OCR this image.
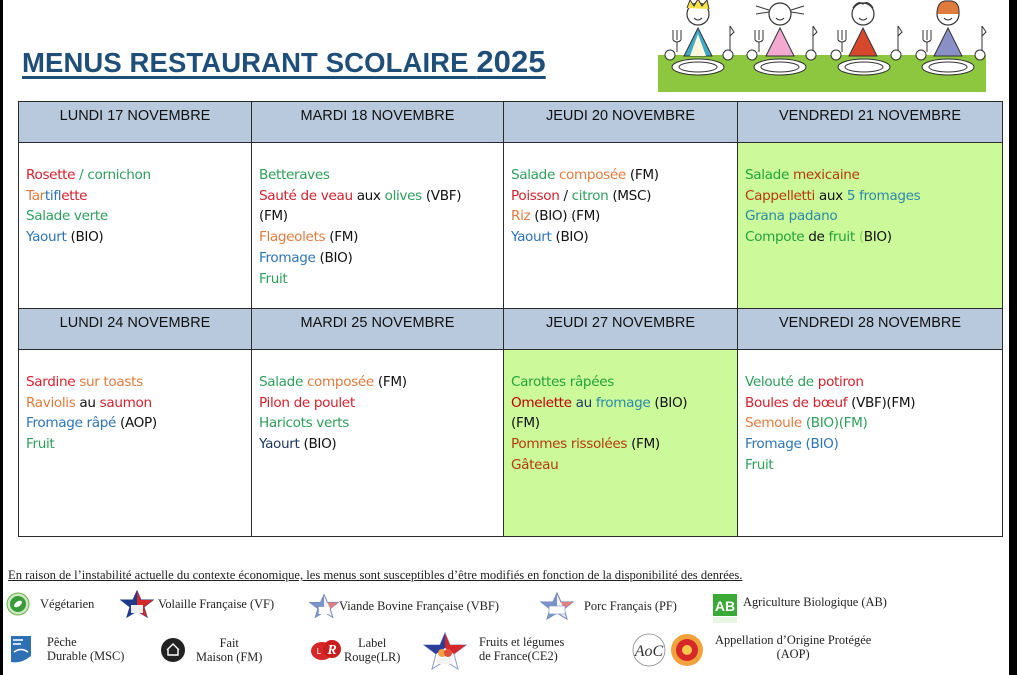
MENUS RESTAURANT SCOLAIRE 2025
LUNDI 17 NOVEMBRE	MARDI 18 NOVEMBRE	JEUDI 20 NOVEMBRE	VENDREDI 21 NOVEMBRE

Rosette / cornichon
Tartiflette
Salade verte
Yaourt (BIO)

Betteraves
Sauté de veau aux olives (VBF)
(FM)
Flageolets (FM)
Fromage (BIO)
Fruit

Salade composée (FM)
Poisson / citron (MSC)
Riz (BIO) (FM)
Yaourt (BIO)

Salade mexicaine
Cappelletti aux 5 fromages
Grana padano
Compote de fruit (BIO)

LUNDI 24 NOVEMBRE	MARDI 25 NOVEMBRE	JEUDI 27 NOVEMBRE	VENDREDI 28 NOVEMBRE

Sardine sur toasts
Raviolis au saumon
Fromage râpé (AOP)
Fruit

Salade composée (FM)
Pilon de poulet
Haricots verts
Yaourt (BIO)

Carottes râpées
Omelette au fromage (BIO)
(FM)
Pommes rissolées (FM)
Gâteau

Velouté de potiron
Boules de bœuf (VBF)(FM)
Semoule (BIO)(FM)
Fromage (BIO)
Fruit
En raison de l’instabilité actuelle du contexte économique, les menus sont susceptibles d’être modifiés en fonction de la disponibilité des denrées.
Végétarien	Volaille Française (VF)	Viande Bovine Française (VBF)	Porc Français (PF)	AB Agriculture Biologique (AB)
Pêche
Durable (MSC)
Fait
Maison (FM)	R
L
Label
Rouge(LR)
Fruits et légumes
de France(CE2)	AoC
Appellation d’Origine Protégée
(AOP)
